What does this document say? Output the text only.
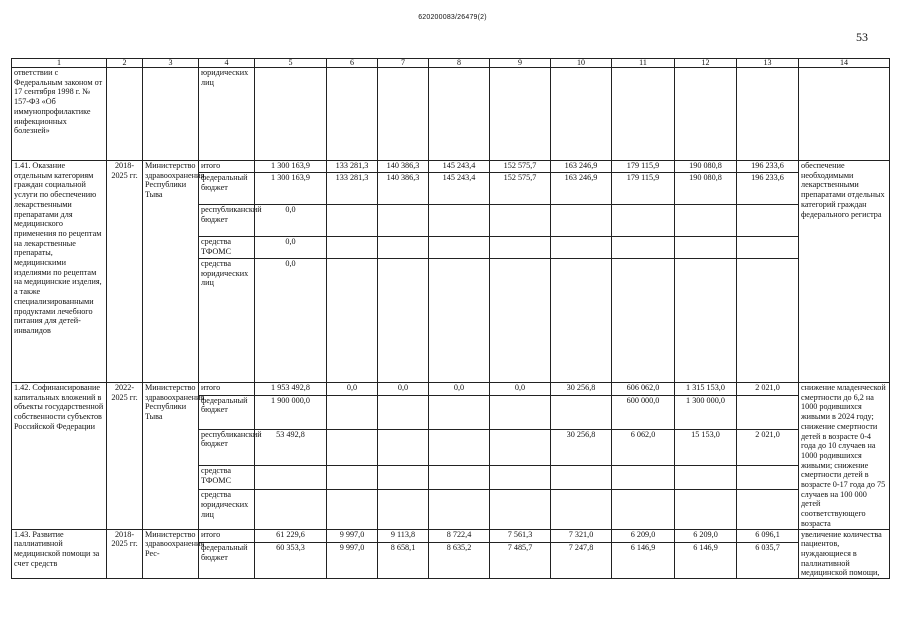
620200083/26479(2)
53
1	2	3	4	5	6	7	8	9	10	11	12	13	14
ответствии с Федеральным законом от 17 сентября 1998 г. № 157-ФЗ «Об иммунопрофилактике инфекционных болезней»			юридических лиц										
1.41. Оказание отдельным категориям граждан социальной услуги по обеспечению лекарственными препаратами для медицинского применения по рецептам на лекарственные препараты, медицинскими изделиями по рецептам на медицинские изделия, а также специализированными продуктами лечебного питания для детей-инвалидов	2018-2025 гг.	Министерство здравоохранения Республики Тыва	итого	1 300 163,9	133 281,3	140 386,3	145 243,4	152 575,7	163 246,9	179 115,9	190 080,8	196 233,6	обеспечение необходимыми лекарственными препаратами отдельных категорий граждан федерального регистра
			федеральный бюджет	1 300 163,9	133 281,3	140 386,3	145 243,4	152 575,7	163 246,9	179 115,9	190 080,8	196 233,6	
			республиканский бюджет	0,0									
			средства ТФОМС	0,0									
			средства юридических лиц	0,0									
1.42. Софинансирование капитальных вложений в объекты государственной собственности субъектов Российской Федерации	2022-2025 гг.	Министерство здравоохранения Республики Тыва	итого	1 953 492,8	0,0	0,0	0,0	0,0	30 256,8	606 062,0	1 315 153,0	2 021,0	снижение младенческой смертности до 6,2 на 1000 родившихся живыми в 2024 году; снижение смертности детей в возрасте 0-4 года до 10 случаев на 1000 родившихся живыми; снижение смертности детей в возрасте 0-17 года до 75 случаев на 100 000 детей соответствующего возраста
			федеральный бюджет	1 900 000,0						600 000,0	1 300 000,0		
			республиканский бюджет	53 492,8					30 256,8	6 062,0	15 153,0	2 021,0	
			средства ТФОМС										
			средства юридических лиц										
1.43. Развитие паллиативной медицинской помощи за счет средств	2018-2025 гг.	Министерство здравоохранения Рес-	итого	61 229,6	9 997,0	9 113,8	8 722,4	7 561,3	7 321,0	6 209,0	6 209,0	6 096,1	увеличение количества пациентов, нуждающиеся в паллиативной медицинской помощи,
			федеральный бюджет	60 353,3	9 997,0	8 658,1	8 635,2	7 485,7	7 247,8	6 146,9	6 146,9	6 035,7	
